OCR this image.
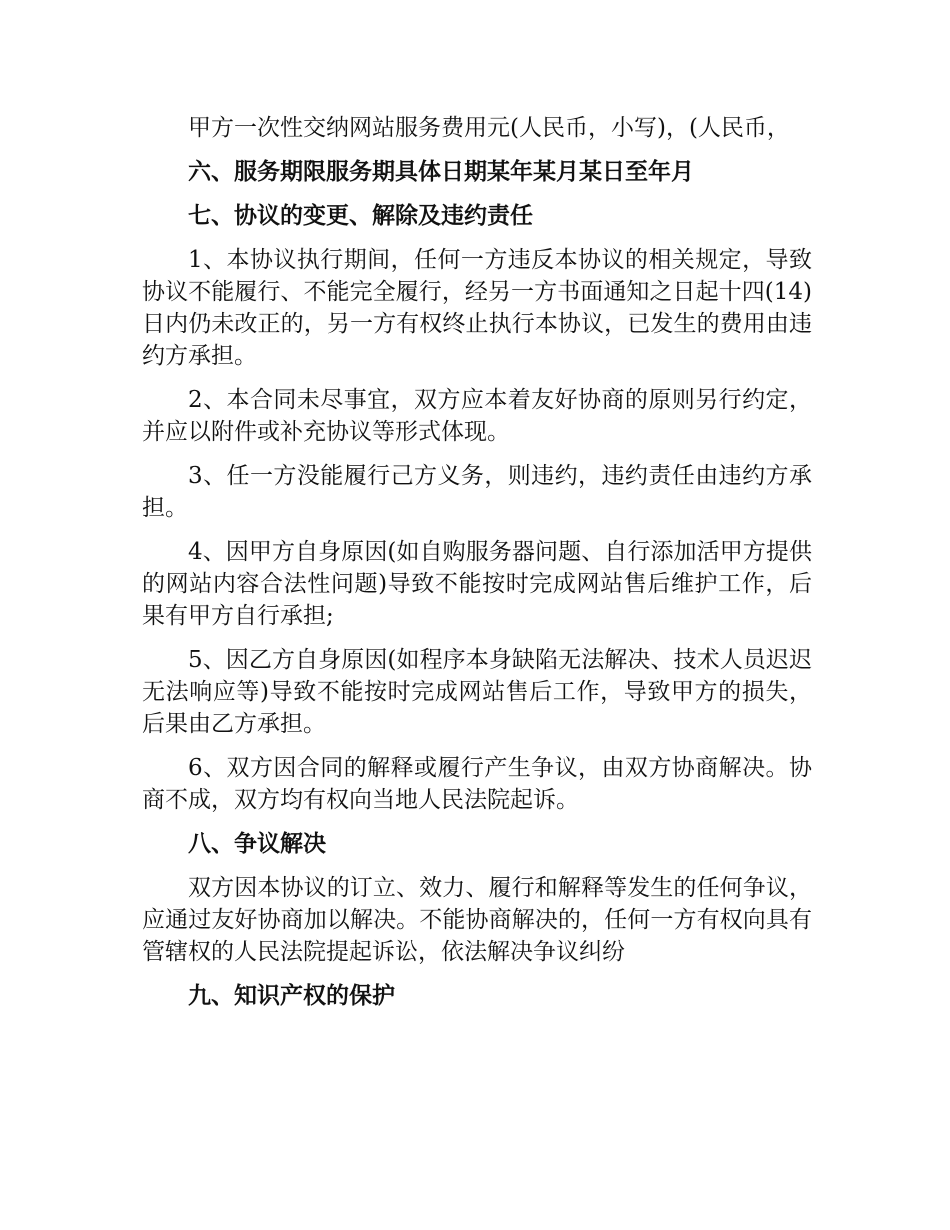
甲方一次性交纳网站服务费用元(人民币，小写)，(人民币，

六、服务期限服务期具体日期某年某月某日至年月

七、协议的变更、解除及违约责任

1、本协议执行期间，任何一方违反本协议的相关规定，导致协议不能履行、不能完全履行，经另一方书面通知之日起十四(14)日内仍未改正的，另一方有权终止执行本协议，已发生的费用由违约方承担。

2、本合同未尽事宜，双方应本着友好协商的原则另行约定，并应以附件或补充协议等形式体现。

3、任一方没能履行己方义务，则违约，违约责任由违约方承担。

4、因甲方自身原因(如自购服务器问题、自行添加活甲方提供的网站内容合法性问题)导致不能按时完成网站售后维护工作，后果有甲方自行承担;

5、因乙方自身原因(如程序本身缺陷无法解决、技术人员迟迟无法响应等)导致不能按时完成网站售后工作，导致甲方的损失，后果由乙方承担。

6、双方因合同的解释或履行产生争议，由双方协商解决。协商不成，双方均有权向当地人民法院起诉。

八、争议解决

双方因本协议的订立、效力、履行和解释等发生的任何争议，应通过友好协商加以解决。不能协商解决的，任何一方有权向具有管辖权的人民法院提起诉讼，依法解决争议纠纷

九、知识产权的保护
